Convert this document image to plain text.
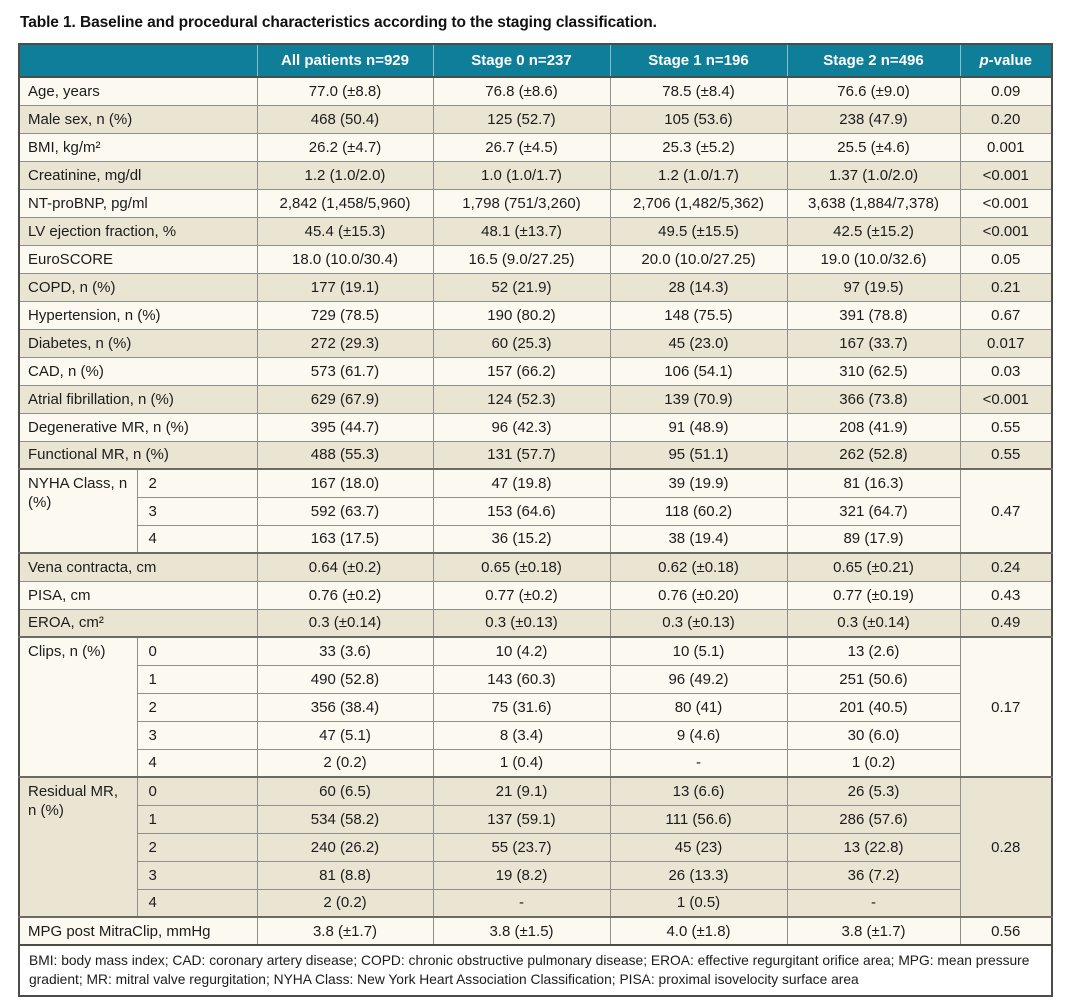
Table 1. Baseline and procedural characteristics according to the staging classification.
		All patients n=929	Stage 0 n=237	Stage 1 n=196	Stage 2 n=496	p-value
Age, years		77.0 (±8.8)	76.8 (±8.6)	78.5 (±8.4)	76.6 (±9.0)	0.09
Male sex, n (%)		468 (50.4)	125 (52.7)	105 (53.6)	238 (47.9)	0.20
BMI, kg/m²		26.2 (±4.7)	26.7 (±4.5)	25.3 (±5.2)	25.5 (±4.6)	0.001
Creatinine, mg/dl		1.2 (1.0/2.0)	1.0 (1.0/1.7)	1.2 (1.0/1.7)	1.37 (1.0/2.0)	<0.001
NT-proBNP, pg/ml		2,842 (1,458/5,960)	1,798 (751/3,260)	2,706 (1,482/5,362)	3,638 (1,884/7,378)	<0.001
LV ejection fraction, %		45.4 (±15.3)	48.1 (±13.7)	49.5 (±15.5)	42.5 (±15.2)	<0.001
EuroSCORE		18.0 (10.0/30.4)	16.5 (9.0/27.25)	20.0 (10.0/27.25)	19.0 (10.0/32.6)	0.05
COPD, n (%)		177 (19.1)	52 (21.9)	28 (14.3)	97 (19.5)	0.21
Hypertension, n (%)		729 (78.5)	190 (80.2)	148 (75.5)	391 (78.8)	0.67
Diabetes, n (%)		272 (29.3)	60 (25.3)	45 (23.0)	167 (33.7)	0.017
CAD, n (%)		573 (61.7)	157 (66.2)	106 (54.1)	310 (62.5)	0.03
Atrial fibrillation, n (%)		629 (67.9)	124 (52.3)	139 (70.9)	366 (73.8)	<0.001
Degenerative MR, n (%)		395 (44.7)	96 (42.3)	91 (48.9)	208 (41.9)	0.55
Functional MR, n (%)		488 (55.3)	131 (57.7)	95 (51.1)	262 (52.8)	0.55
NYHA Class, n (%)	2	167 (18.0)	47 (19.8)	39 (19.9)	81 (16.3)	0.47
	3	592 (63.7)	153 (64.6)	118 (60.2)	321 (64.7)	
	4	163 (17.5)	36 (15.2)	38 (19.4)	89 (17.9)	
Vena contracta, cm		0.64 (±0.2)	0.65 (±0.18)	0.62 (±0.18)	0.65 (±0.21)	0.24
PISA, cm		0.76 (±0.2)	0.77 (±0.2)	0.76 (±0.20)	0.77 (±0.19)	0.43
EROA, cm²		0.3 (±0.14)	0.3 (±0.13)	0.3 (±0.13)	0.3 (±0.14)	0.49
Clips, n (%)	0	33 (3.6)	10 (4.2)	10 (5.1)	13 (2.6)	0.17
	1	490 (52.8)	143 (60.3)	96 (49.2)	251 (50.6)	
	2	356 (38.4)	75 (31.6)	80 (41)	201 (40.5)	
	3	47 (5.1)	8 (3.4)	9 (4.6)	30 (6.0)	
	4	2 (0.2)	1 (0.4)	-	1 (0.2)	
Residual MR, n (%)	0	60 (6.5)	21 (9.1)	13 (6.6)	26 (5.3)	0.28
	1	534 (58.2)	137 (59.1)	111 (56.6)	286 (57.6)	
	2	240 (26.2)	55 (23.7)	45 (23)	13 (22.8)	
	3	81 (8.8)	19 (8.2)	26 (13.3)	36 (7.2)	
	4	2 (0.2)	-	1 (0.5)	-	
MPG post MitraClip, mmHg		3.8 (±1.7)	3.8 (±1.5)	4.0 (±1.8)	3.8 (±1.7)	0.56
BMI: body mass index; CAD: coronary artery disease; COPD: chronic obstructive pulmonary disease; EROA: effective regurgitant orifice area; MPG: mean pressure gradient; MR: mitral valve regurgitation; NYHA Class: New York Heart Association Classification; PISA: proximal isovelocity surface area						
